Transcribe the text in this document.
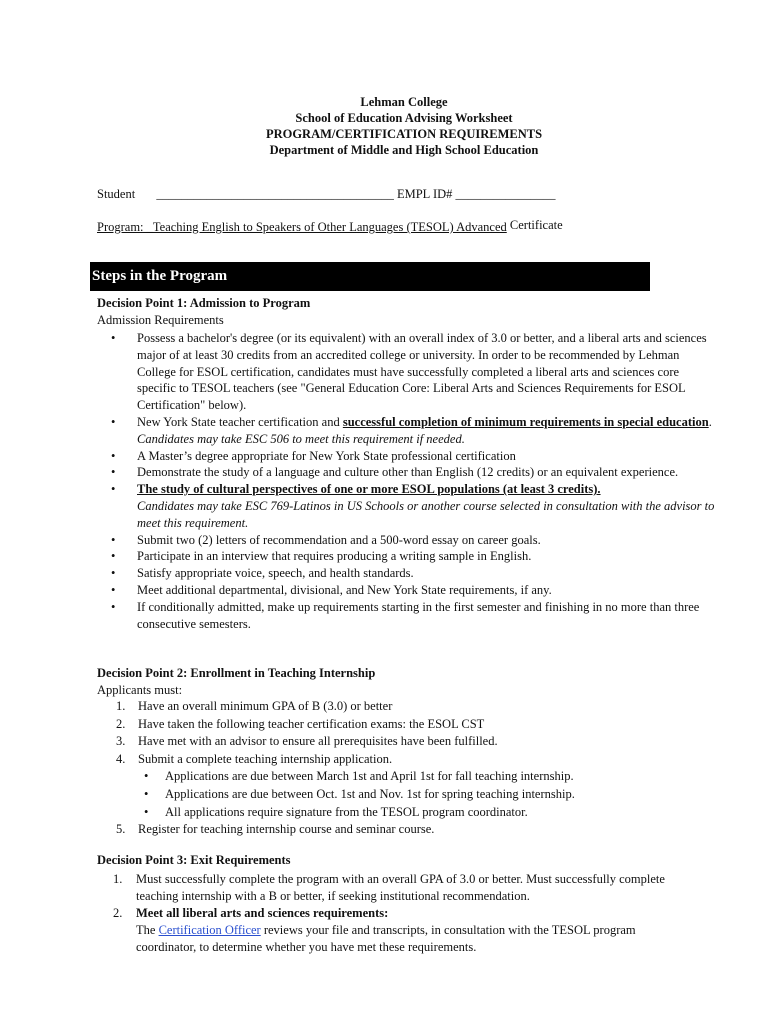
Lehman College
School of Education Advising Worksheet
PROGRAM/CERTIFICATION REQUIREMENTS
Department of Middle and High School Education
Student ______________________________________ EMPL ID# ________________
Program: _Teaching English to Speakers of Other Languages (TESOL) Advanced Certificate
Steps in the Program
Decision Point 1: Admission to Program
Admission Requirements
• Possess a bachelor's degree (or its equivalent) with an overall index of 3.0 or better, and a liberal arts and sciences major of at least 30 credits from an accredited college or university. In order to be recommended by Lehman College for ESOL certification, candidates must have successfully completed a liberal arts and sciences core specific to TESOL teachers (see "General Education Core: Liberal Arts and Sciences Requirements for ESOL Certification" below).
• New York State teacher certification and successful completion of minimum requirements in special education. Candidates may take ESC 506 to meet this requirement if needed.
• A Master’s degree appropriate for New York State professional certification
• Demonstrate the study of a language and culture other than English (12 credits) or an equivalent experience.
• The study of cultural perspectives of one or more ESOL populations (at least 3 credits).
Candidates may take ESC 769-Latinos in US Schools or another course selected in consultation with the advisor to meet this requirement.
• Submit two (2) letters of recommendation and a 500-word essay on career goals.
• Participate in an interview that requires producing a writing sample in English.
• Satisfy appropriate voice, speech, and health standards.
• Meet additional departmental, divisional, and New York State requirements, if any.
• If conditionally admitted, make up requirements starting in the first semester and finishing in no more than three consecutive semesters.
Decision Point 2: Enrollment in Teaching Internship
Applicants must:
1. Have an overall minimum GPA of B (3.0) or better
2. Have taken the following teacher certification exams: the ESOL CST
3. Have met with an advisor to ensure all prerequisites have been fulfilled.
4. Submit a complete teaching internship application.
• Applications are due between March 1st and April 1st for fall teaching internship.
• Applications are due between Oct. 1st and Nov. 1st for spring teaching internship.
• All applications require signature from the TESOL program coordinator.
5. Register for teaching internship course and seminar course.
Decision Point 3: Exit Requirements
1. Must successfully complete the program with an overall GPA of 3.0 or better. Must successfully complete teaching internship with a B or better, if seeking institutional recommendation.
2. Meet all liberal arts and sciences requirements:
The Certification Officer reviews your file and transcripts, in consultation with the TESOL program coordinator, to determine whether you have met these requirements.
